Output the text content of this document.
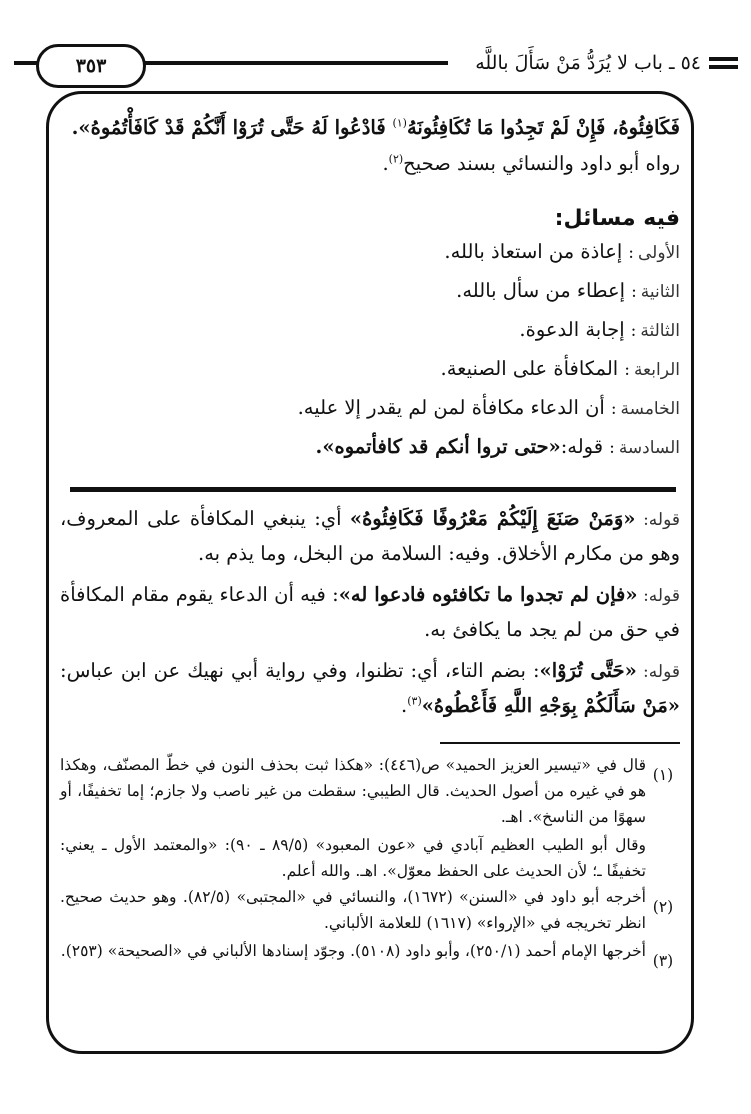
٣٥٣	٥٤ ـ باب لا يُرَدُّ مَنْ سَأَلَ باللَّه

فَكَافِئُوهُ، فَإِنْ لَمْ تَجِدُوا مَا تُكَافِئُونَهُ$^{(١)}$ فَادْعُوا لَهُ حَتَّى تُرَوْا أَنَّكُمْ قَدْ كَافَأْتُمُوهُ».

رواه أبو داود والنسائي بسند صحيح$^{(٢)}$.

فيه مسائل:
الأولى
:
إعاذة من استعاذ بالله.
الثانية
:
إعطاء من سأل بالله.
الثالثة
:
إجابة الدعوة.
الرابعة
:
المكافأة على الصنيعة.
الخامسة
:
أن الدعاء مكافأة لمن لم يقدر إلا عليه.
السادسة
:
قوله:
«حتى تروا أنكم قد كافأتموه».

قوله: «وَمَنْ صَنَعَ إِلَيْكُمْ مَعْرُوفًا فَكَافِئُوهُ» أي: ينبغي المكافأة على المعروف، وهو من مكارم الأخلاق. وفيه: السلامة من البخل، وما يذم به.

قوله: «فإن لم تجدوا ما تكافئوه فادعوا له»: فيه أن الدعاء يقوم مقام المكافأة في حق من لم يجد ما يكافئ به.

قوله: «حَتَّى تُرَوْا»: بضم التاء، أي: تظنوا، وفي رواية أبي نهيك عن ابن عباس: «مَنْ سَأَلَكُمْ بِوَجْهِ اللَّهِ فَأَعْطُوهُ»$^{(٣)}$.

(١)
قال في «تيسير العزيز الحميد» ص(٤٤٦): «هكذا ثبت بحذف النون في خطّ المصنّف، وهكذا هو في غيره من أصول الحديث. قال الطيبي: سقطت من غير ناصب ولا جازم؛ إما تخفيفًا، أو سهوًا من الناسخ». اهـ.
وقال أبو الطيب العظيم آبادي في «عون المعبود» (٨٩/٥ ـ ٩٠): «والمعتمد الأول ـ يعني: تخفيفًا ـ؛ لأن الحديث على الحفظ معوّل». اهـ. والله أعلم.
(٢)
أخرجه أبو داود في «السنن» (١٦٧٢)، والنسائي في «المجتبى» (٨٢/٥). وهو حديث صحيح. انظر تخريجه في «الإرواء» (١٦١٧) للعلامة الألباني.
(٣)
أخرجها الإمام أحمد (٢٥٠/١)، وأبو داود (٥١٠٨). وجوّد إسنادها الألباني في «الصحيحة» (٢٥٣).
